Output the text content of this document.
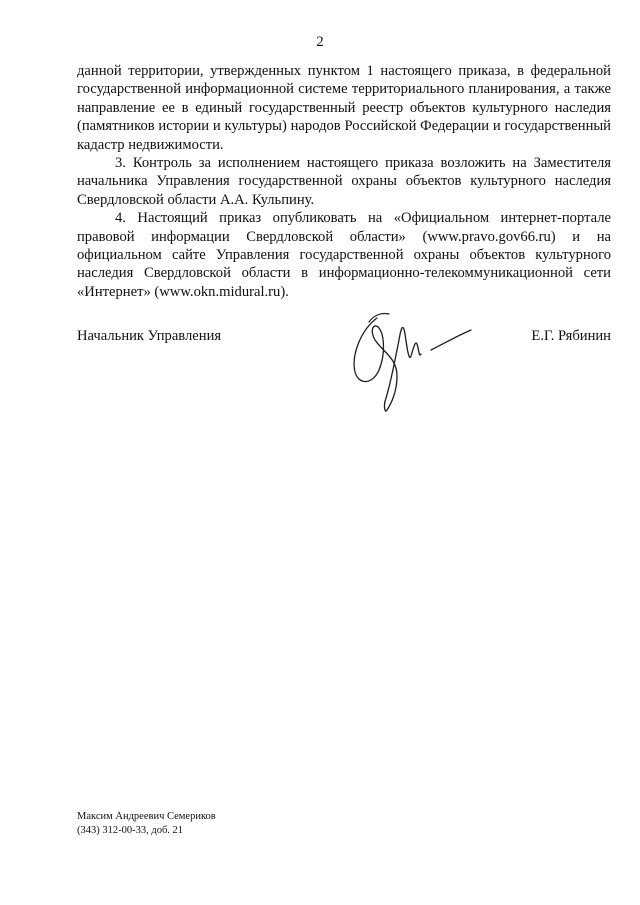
2

данной территории, утвержденных пунктом 1 настоящего приказа, в федеральной государственной информационной системе территориального планирования, а также направление ее в единый государственный реестр объектов культурного наследия (памятников истории и культуры) народов Российской Федерации и государственный кадастр недвижимости.

3. Контроль за исполнением настоящего приказа возложить на Заместителя начальника Управления государственной охраны объектов культурного наследия Свердловской области А.А. Кульпину.

4. Настоящий приказ опубликовать на «Официальном интернет-портале правовой информации Свердловской области» (www.pravo.gov66.ru) и на официальном сайте Управления государственной охраны объектов культурного наследия Свердловской области в информационно-телекоммуникационной сети «Интернет» (www.okn.midural.ru).

Начальник Управления	Е.Г. Рябинин
Максим Андреевич Семериков
(343) 312-00-33, доб. 21
